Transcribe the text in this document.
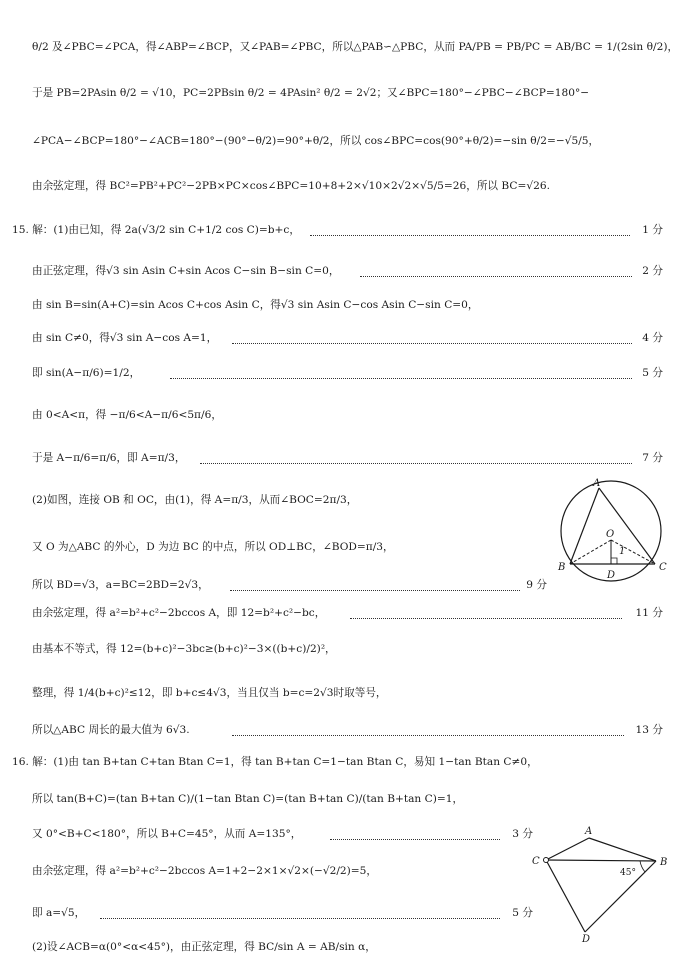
θ/2 及∠PBC=∠PCA，得∠ABP=∠BCP，又∠PAB=∠PBC，所以△PAB∽△PBC，从而 PA/PB = PB/PC = AB/BC = 1/(2sin θ/2)，
于是 PB=2PAsin θ/2 = √10，PC=2PBsin θ/2 = 4PAsin² θ/2 = 2√2；又∠BPC=180°−∠PBC−∠BCP=180°−
∠PCA−∠BCP=180°−∠ACB=180°−(90°−θ/2)=90°+θ/2，所以 cos∠BPC=cos(90°+θ/2)=−sin θ/2=−√5/5，
由余弦定理，得 BC²=PB²+PC²−2PB×PC×cos∠BPC=10+8+2×√10×2√2×√5/5=26，所以 BC=√26.
15. 解：(1)由已知，得 2a(√3/2 sin C+1/2 cos C)=b+c，	1 分
由正弦定理，得√3 sin Asin C+sin Acos C−sin B−sin C=0，	2 分
由 sin B=sin(A+C)=sin Acos C+cos Asin C，得√3 sin Asin C−cos Asin C−sin C=0，
由 sin C≠0，得√3 sin A−cos A=1，	4 分
即 sin(A−π/6)=1/2，	5 分
由 0<A<π，得 −π/6<A−π/6<5π/6，
于是 A−π/6=π/6，即 A=π/3，	7 分
(2)如图，连接 OB 和 OC，由(1)，得 A=π/3，从而∠BOC=2π/3，
又 O 为△ABC 的外心，D 为边 BC 的中点，所以 OD⊥BC，∠BOD=π/3，
所以 BD=√3，a=BC=2BD=2√3，	9 分
由余弦定理，得 a²=b²+c²−2bccos A，即 12=b²+c²−bc，	11 分
由基本不等式，得 12=(b+c)²−3bc≥(b+c)²−3×((b+c)/2)²，
整理，得 1/4(b+c)²≤12，即 b+c≤4√3，当且仅当 b=c=2√3时取等号，
所以△ABC 周长的最大值为 6√3.	13 分
16. 解：(1)由 tan B+tan C+tan Btan C=1，得 tan B+tan C=1−tan Btan C，易知 1−tan Btan C≠0，
所以 tan(B+C)=(tan B+tan C)/(1−tan Btan C)=(tan B+tan C)/(tan B+tan C)=1，
又 0°<B+C<180°，所以 B+C=45°，从而 A=135°，	3 分
由余弦定理，得 a²=b²+c²−2bccos A=1+2−2×1×√2×(−√2/2)=5，
即 a=√5，	5 分
(2)设∠ACB=α(0°<α<45°)，由正弦定理，得 BC/sin A = AB/sin α，
A
B	C
D
O
1
A
C	B
D
45°
